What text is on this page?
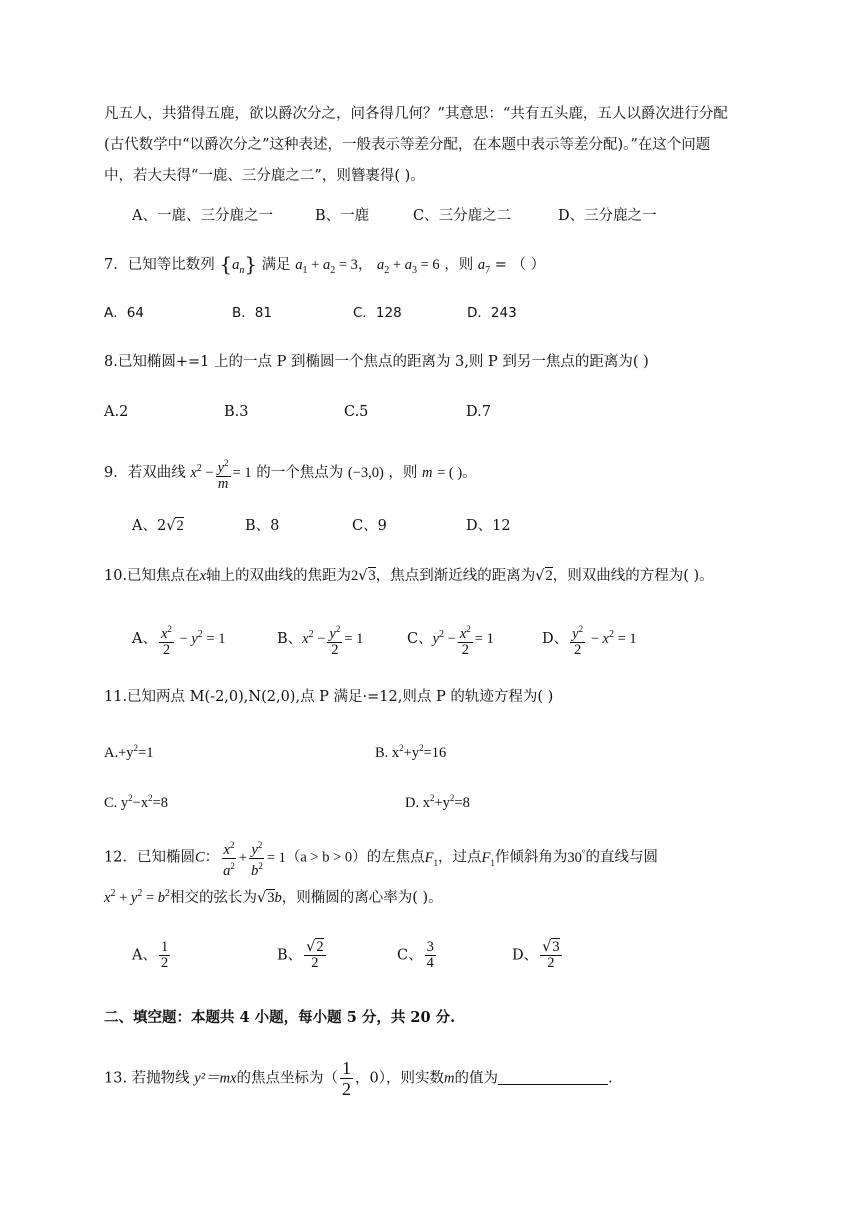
凡五人，共猎得五鹿，欲以爵次分之，问各得几何？”其意思：“共有五头鹿，五人以爵次进行分配
(古代数学中“以爵次分之”这种表述，一般表示等差分配，在本题中表示等差分配)。”在这个问题
中，若大夫得“一鹿、三分鹿之二”，则簪裹得( )。
A、一鹿、三分鹿之一	B、一鹿	C、三分鹿之二	D、三分鹿之一
7．已知等比数列 $\{a_n\}$ 满足 $a_1 + a_2 = 3$， $a_2 + a_3 = 6$ ，则 $a_7$ = （ ）
A．64	B．81	C．128	D．243
8.已知椭圆+=1 上的一点 P 到椭圆一个焦点的距离为 3,则 P 到另一焦点的距离为( )
A.2	B.3	C.5	D.7
9．若双曲线 $x^2 - \frac{y^2}{m} = 1$ 的一个焦点为 (−3,0) ，则 m = ( )。
A、2√2	B、8	C、9	D、12
10.已知焦点在x轴上的双曲线的焦距为2√3，焦点到渐近线的距离为√2，则双曲线的方程为( )。
A、 $\frac{x^2}{2} - y^2 = 1$	B、$x^2 - \frac{y^2}{2} = 1$	C、$y^2 - \frac{x^2}{2} = 1$	D、 $\frac{y^2}{2} - x^2 = 1$
11.已知两点 M(-2,0),N(2,0),点 P 满足·=12,则点 P 的轨迹方程为( )
$A.+y^2=1$	B. $x^2+y^2=16$
C. $y^2-x^2=8$	D. $x^2+y^2=8$
12．已知椭圆C： $\frac{x^2}{a^2} + \frac{y^2}{b^2} = 1(a > b > 0)$的左焦点$F_1$，过点$F_1$作倾斜角为30°的直线与圆
$x^2 + y^2 = b^2$相交的弦长为√3b，则椭圆的离心率为( )。
A、 $\frac{1}{2}$	B、 $\frac{√2}{2}$	C、 $\frac{3}{4}$	D、 $\frac{√3}{2}$
二、填空题：本题共 4 小题，每小题 5 分，共 20 分.
13. 若抛物线 y²＝mx的焦点坐标为（ $\frac{1}{2}$ ，0），则实数m的值为	.
